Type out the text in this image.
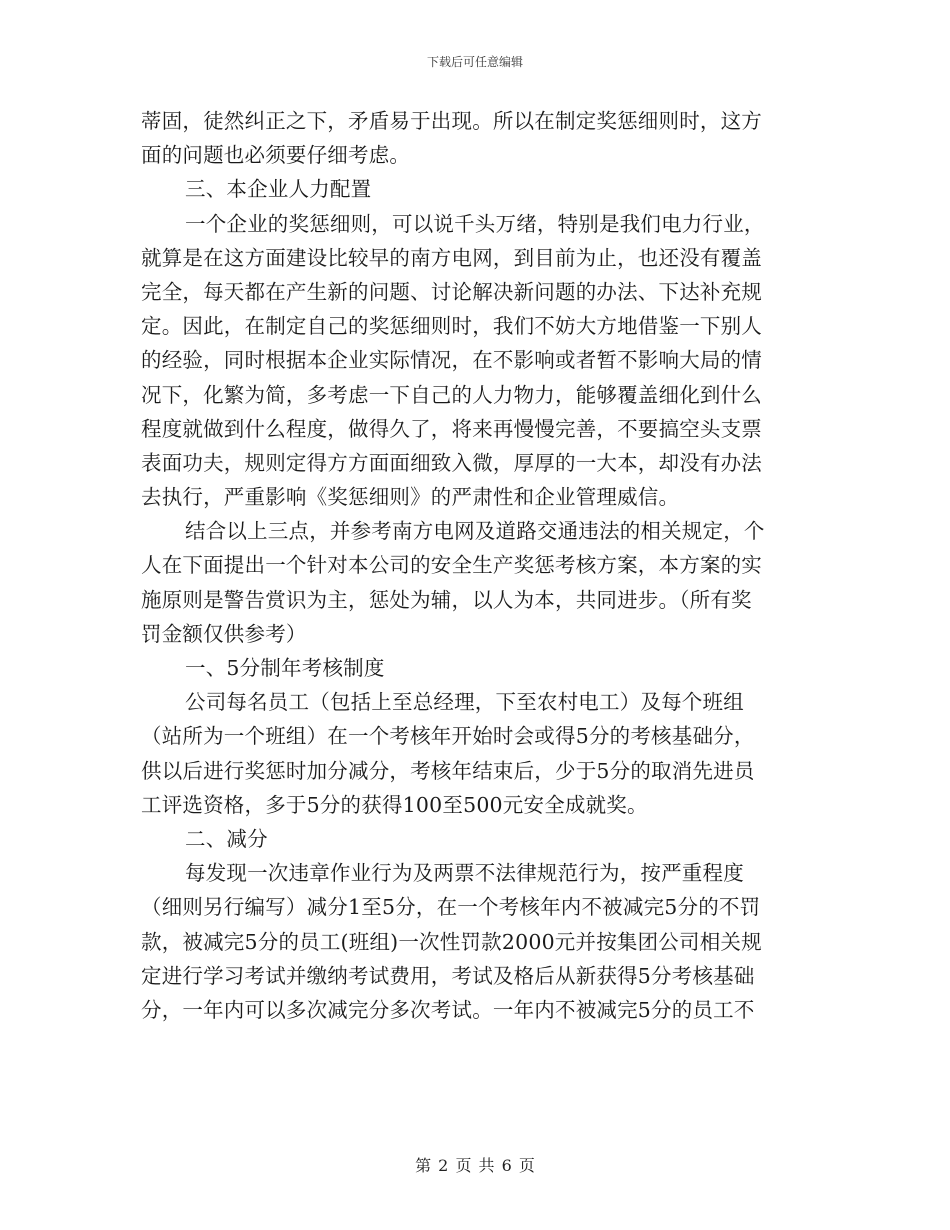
下载后可任意编辑
蒂固，徒然纠正之下，矛盾易于出现。所以在制定奖惩细则时，这方
面的问题也必须要仔细考虑。
三、本企业人力配置
一个企业的奖惩细则，可以说千头万绪，特别是我们电力行业，
就算是在这方面建设比较早的南方电网，到目前为止，也还没有覆盖
完全，每天都在产生新的问题、讨论解决新问题的办法、下达补充规
定。因此，在制定自己的奖惩细则时，我们不妨大方地借鉴一下别人
的经验，同时根据本企业实际情况，在不影响或者暂不影响大局的情
况下，化繁为简，多考虑一下自己的人力物力，能够覆盖细化到什么
程度就做到什么程度，做得久了，将来再慢慢完善，不要搞空头支票
表面功夫，规则定得方方面面细致入微，厚厚的一大本，却没有办法
去执行，严重影响《奖惩细则》的严肃性和企业管理威信。
结合以上三点，并参考南方电网及道路交通违法的相关规定，个
人在下面提出一个针对本公司的安全生产奖惩考核方案，本方案的实
施原则是警告赏识为主，惩处为辅，以人为本，共同进步。（所有奖
罚金额仅供参考）
一、5分制年考核制度
公司每名员工（包括上至总经理，下至农村电工）及每个班组
（站所为一个班组）在一个考核年开始时会或得5分的考核基础分，
供以后进行奖惩时加分减分，考核年结束后，少于5分的取消先进员
工评选资格，多于5分的获得100至500元安全成就奖。
二、减分
每发现一次违章作业行为及两票不法律规范行为，按严重程度
（细则另行编写）减分1至5分，在一个考核年内不被减完5分的不罚
款，被减完5分的员工(班组)一次性罚款2000元并按集团公司相关规
定进行学习考试并缴纳考试费用，考试及格后从新获得5分考核基础
分，一年内可以多次减完分多次考试。一年内不被减完5分的员工不
第 2 页 共 6 页
